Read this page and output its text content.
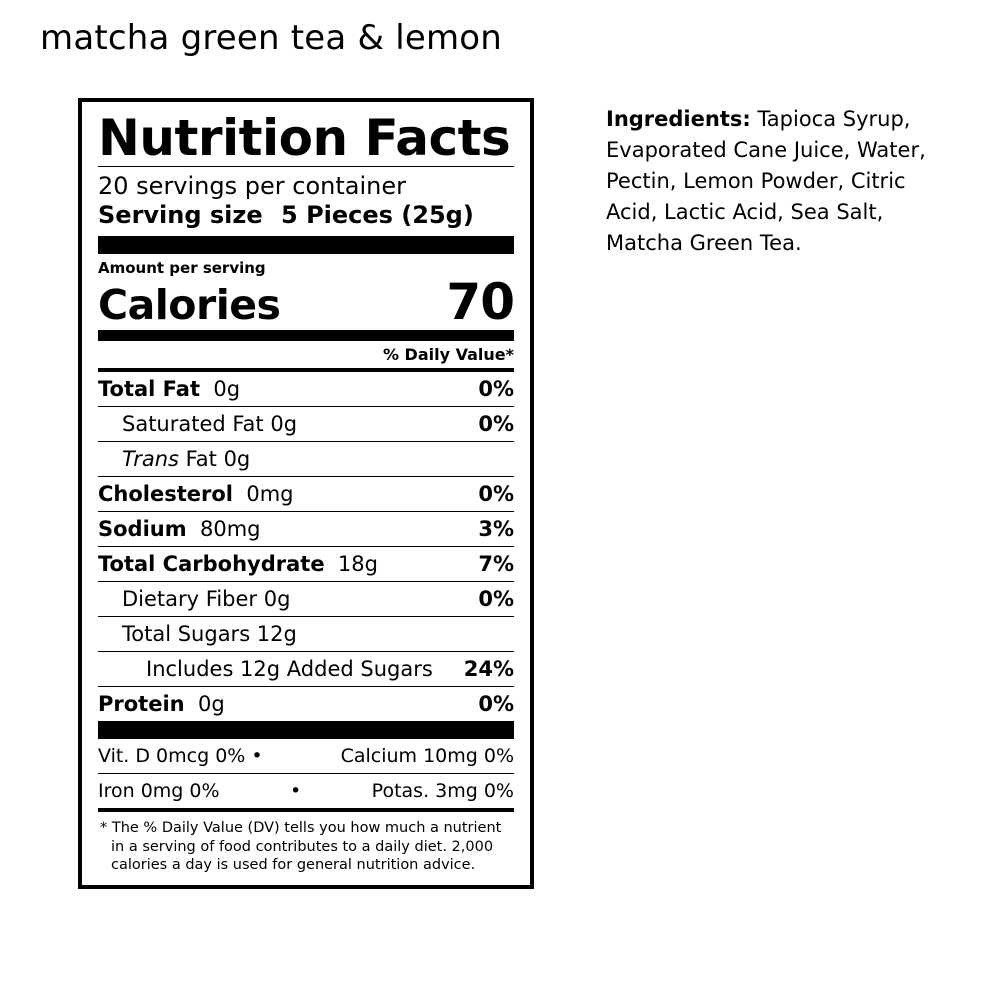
matcha green tea & lemon
Nutrition Facts
20 servings per container
Serving size 5 Pieces (25g)
Amount per serving
Calories	70
% Daily Value*
Total Fat 0g	0%
Saturated Fat 0g	0%
Trans Fat 0g
Cholesterol 0mg	0%
Sodium 80mg	3%
Total Carbohydrate 18g	7%
Dietary Fiber 0g	0%
Total Sugars 12g
Includes 12g Added Sugars 24%
Protein 0g	0%
Vit. D 0mcg 0% •	Calcium 10mg 0%
Iron 0mg 0%	•	Potas. 3mg 0%
* The % Daily Value (DV) tells you how much a nutrient
in a serving of food contributes to a daily diet. 2,000
calories a day is used for general nutrition advice.
Ingredients: Tapioca Syrup, Evaporated Cane Juice, Water, Pectin, Lemon Powder, Citric Acid, Lactic Acid, Sea Salt, Matcha Green Tea.
